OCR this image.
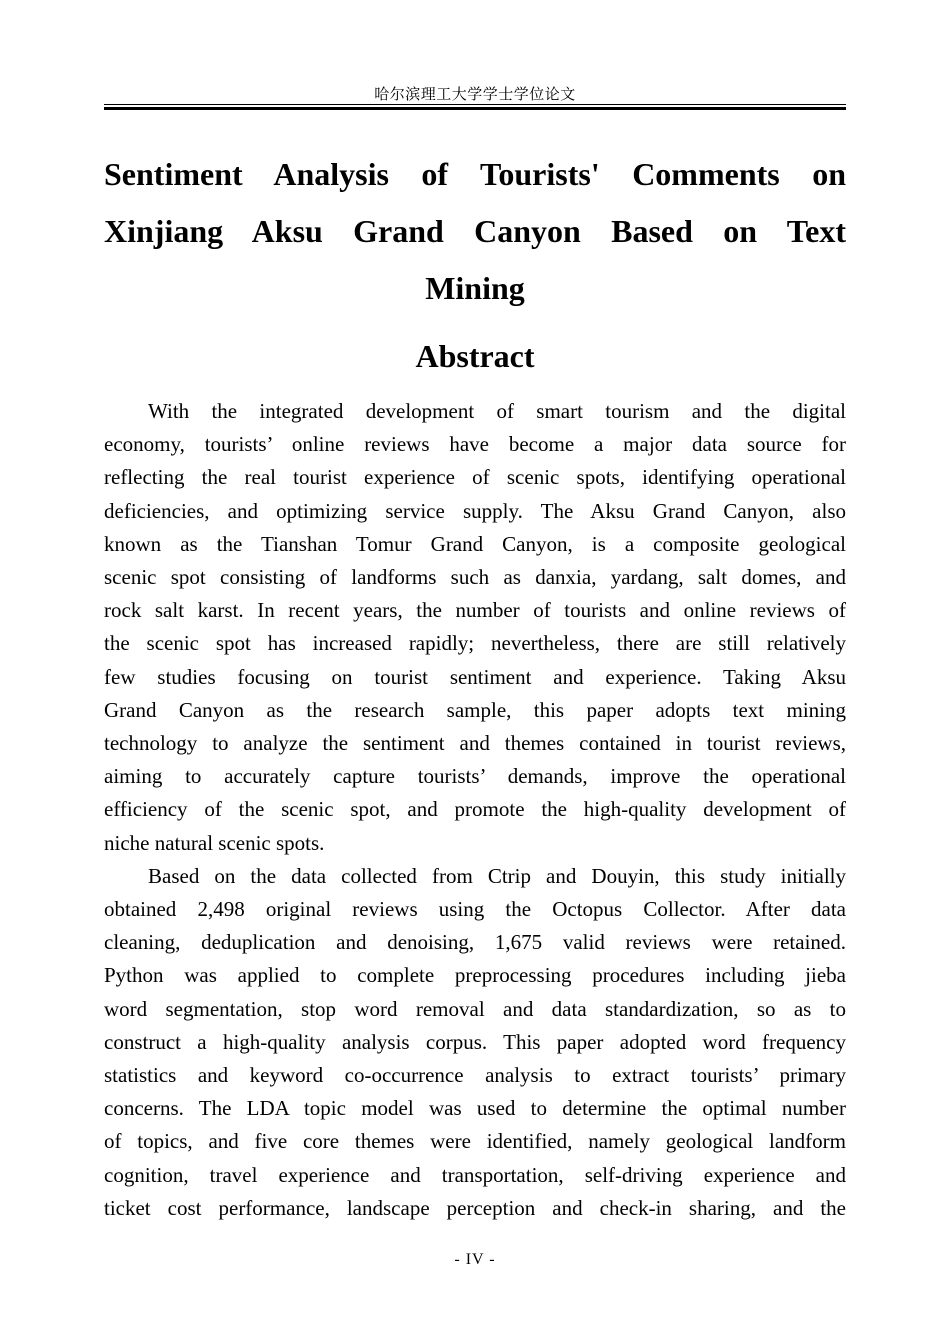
哈尔滨理工大学学士学位论文
Sentiment Analysis of Tourists' Comments on
Xinjiang Aksu Grand Canyon Based on Text
Mining
Abstract
With the integrated development of smart tourism and the digital
economy, tourists’ online reviews have become a major data source for
reflecting the real tourist experience of scenic spots, identifying operational
deficiencies, and optimizing service supply. The Aksu Grand Canyon, also
known as the Tianshan Tomur Grand Canyon, is a composite geological
scenic spot consisting of landforms such as danxia, yardang, salt domes, and
rock salt karst. In recent years, the number of tourists and online reviews of
the scenic spot has increased rapidly; nevertheless, there are still relatively
few studies focusing on tourist sentiment and experience. Taking Aksu
Grand Canyon as the research sample, this paper adopts text mining
technology to analyze the sentiment and themes contained in tourist reviews,
aiming to accurately capture tourists’ demands, improve the operational
efficiency of the scenic spot, and promote the high-quality development of
niche natural scenic spots.
Based on the data collected from Ctrip and Douyin, this study initially
obtained 2,498 original reviews using the Octopus Collector. After data
cleaning, deduplication and denoising, 1,675 valid reviews were retained.
Python was applied to complete preprocessing procedures including jieba
word segmentation, stop word removal and data standardization, so as to
construct a high-quality analysis corpus. This paper adopted word frequency
statistics and keyword co-occurrence analysis to extract tourists’ primary
concerns. The LDA topic model was used to determine the optimal number
of topics, and five core themes were identified, namely geological landform
cognition, travel experience and transportation, self-driving experience and
ticket cost performance, landscape perception and check-in sharing, and the
- IV -
